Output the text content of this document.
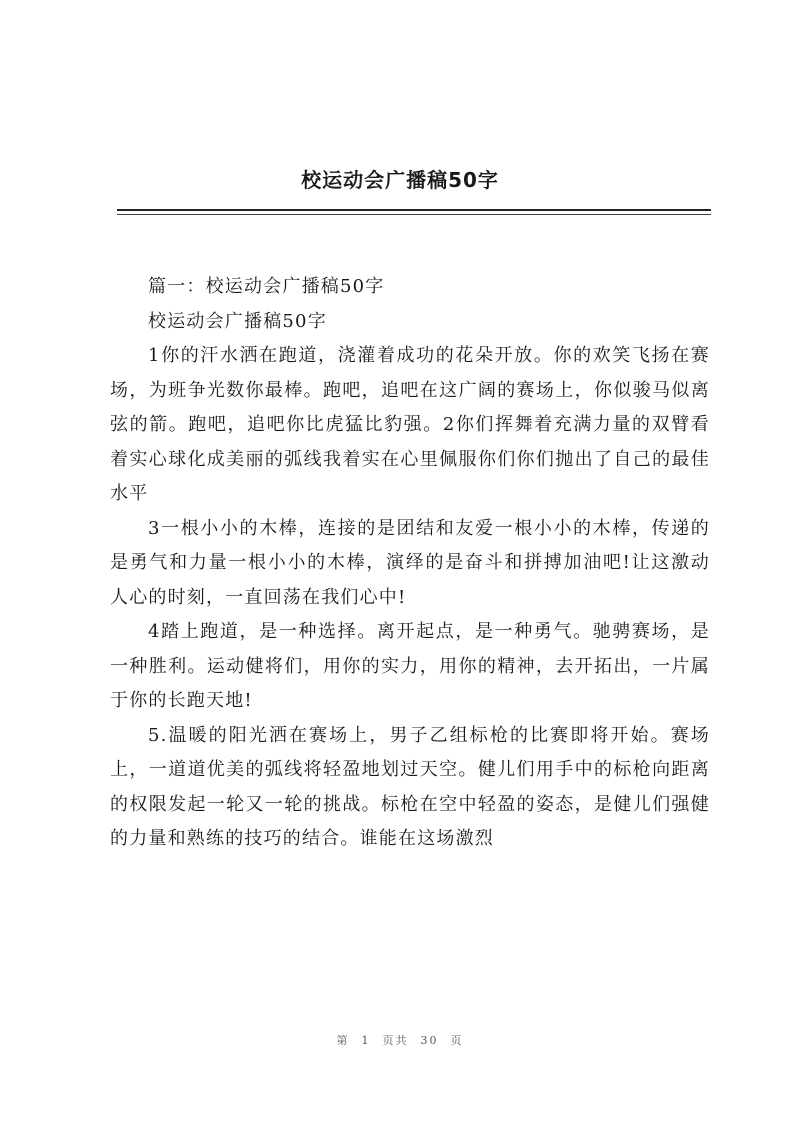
校运动会广播稿50字

篇一：校运动会广播稿50字

校运动会广播稿50字

1你的汗水洒在跑道，浇灌着成功的花朵开放。你的欢笑飞扬在赛场，为班争光数你最棒。跑吧，追吧在这广阔的赛场上，你似骏马似离弦的箭。跑吧，追吧你比虎猛比豹强。2你们挥舞着充满力量的双臂看着实心球化成美丽的弧线我着实在心里佩服你们你们抛出了自己的最佳水平

3一根小小的木棒，连接的是团结和友爱一根小小的木棒，传递的是勇气和力量一根小小的木棒，演绎的是奋斗和拼搏加油吧!让这激动人心的时刻，一直回荡在我们心中!

4踏上跑道，是一种选择。离开起点，是一种勇气。驰骋赛场，是一种胜利。运动健将们，用你的实力，用你的精神，去开拓出，一片属于你的长跑天地!

5.温暖的阳光洒在赛场上，男子乙组标枪的比赛即将开始。赛场上，一道道优美的弧线将轻盈地划过天空。健儿们用手中的标枪向距离的权限发起一轮又一轮的挑战。标枪在空中轻盈的姿态，是健儿们强健的力量和熟练的技巧的结合。谁能在这场激烈

第 1 页共 30 页
